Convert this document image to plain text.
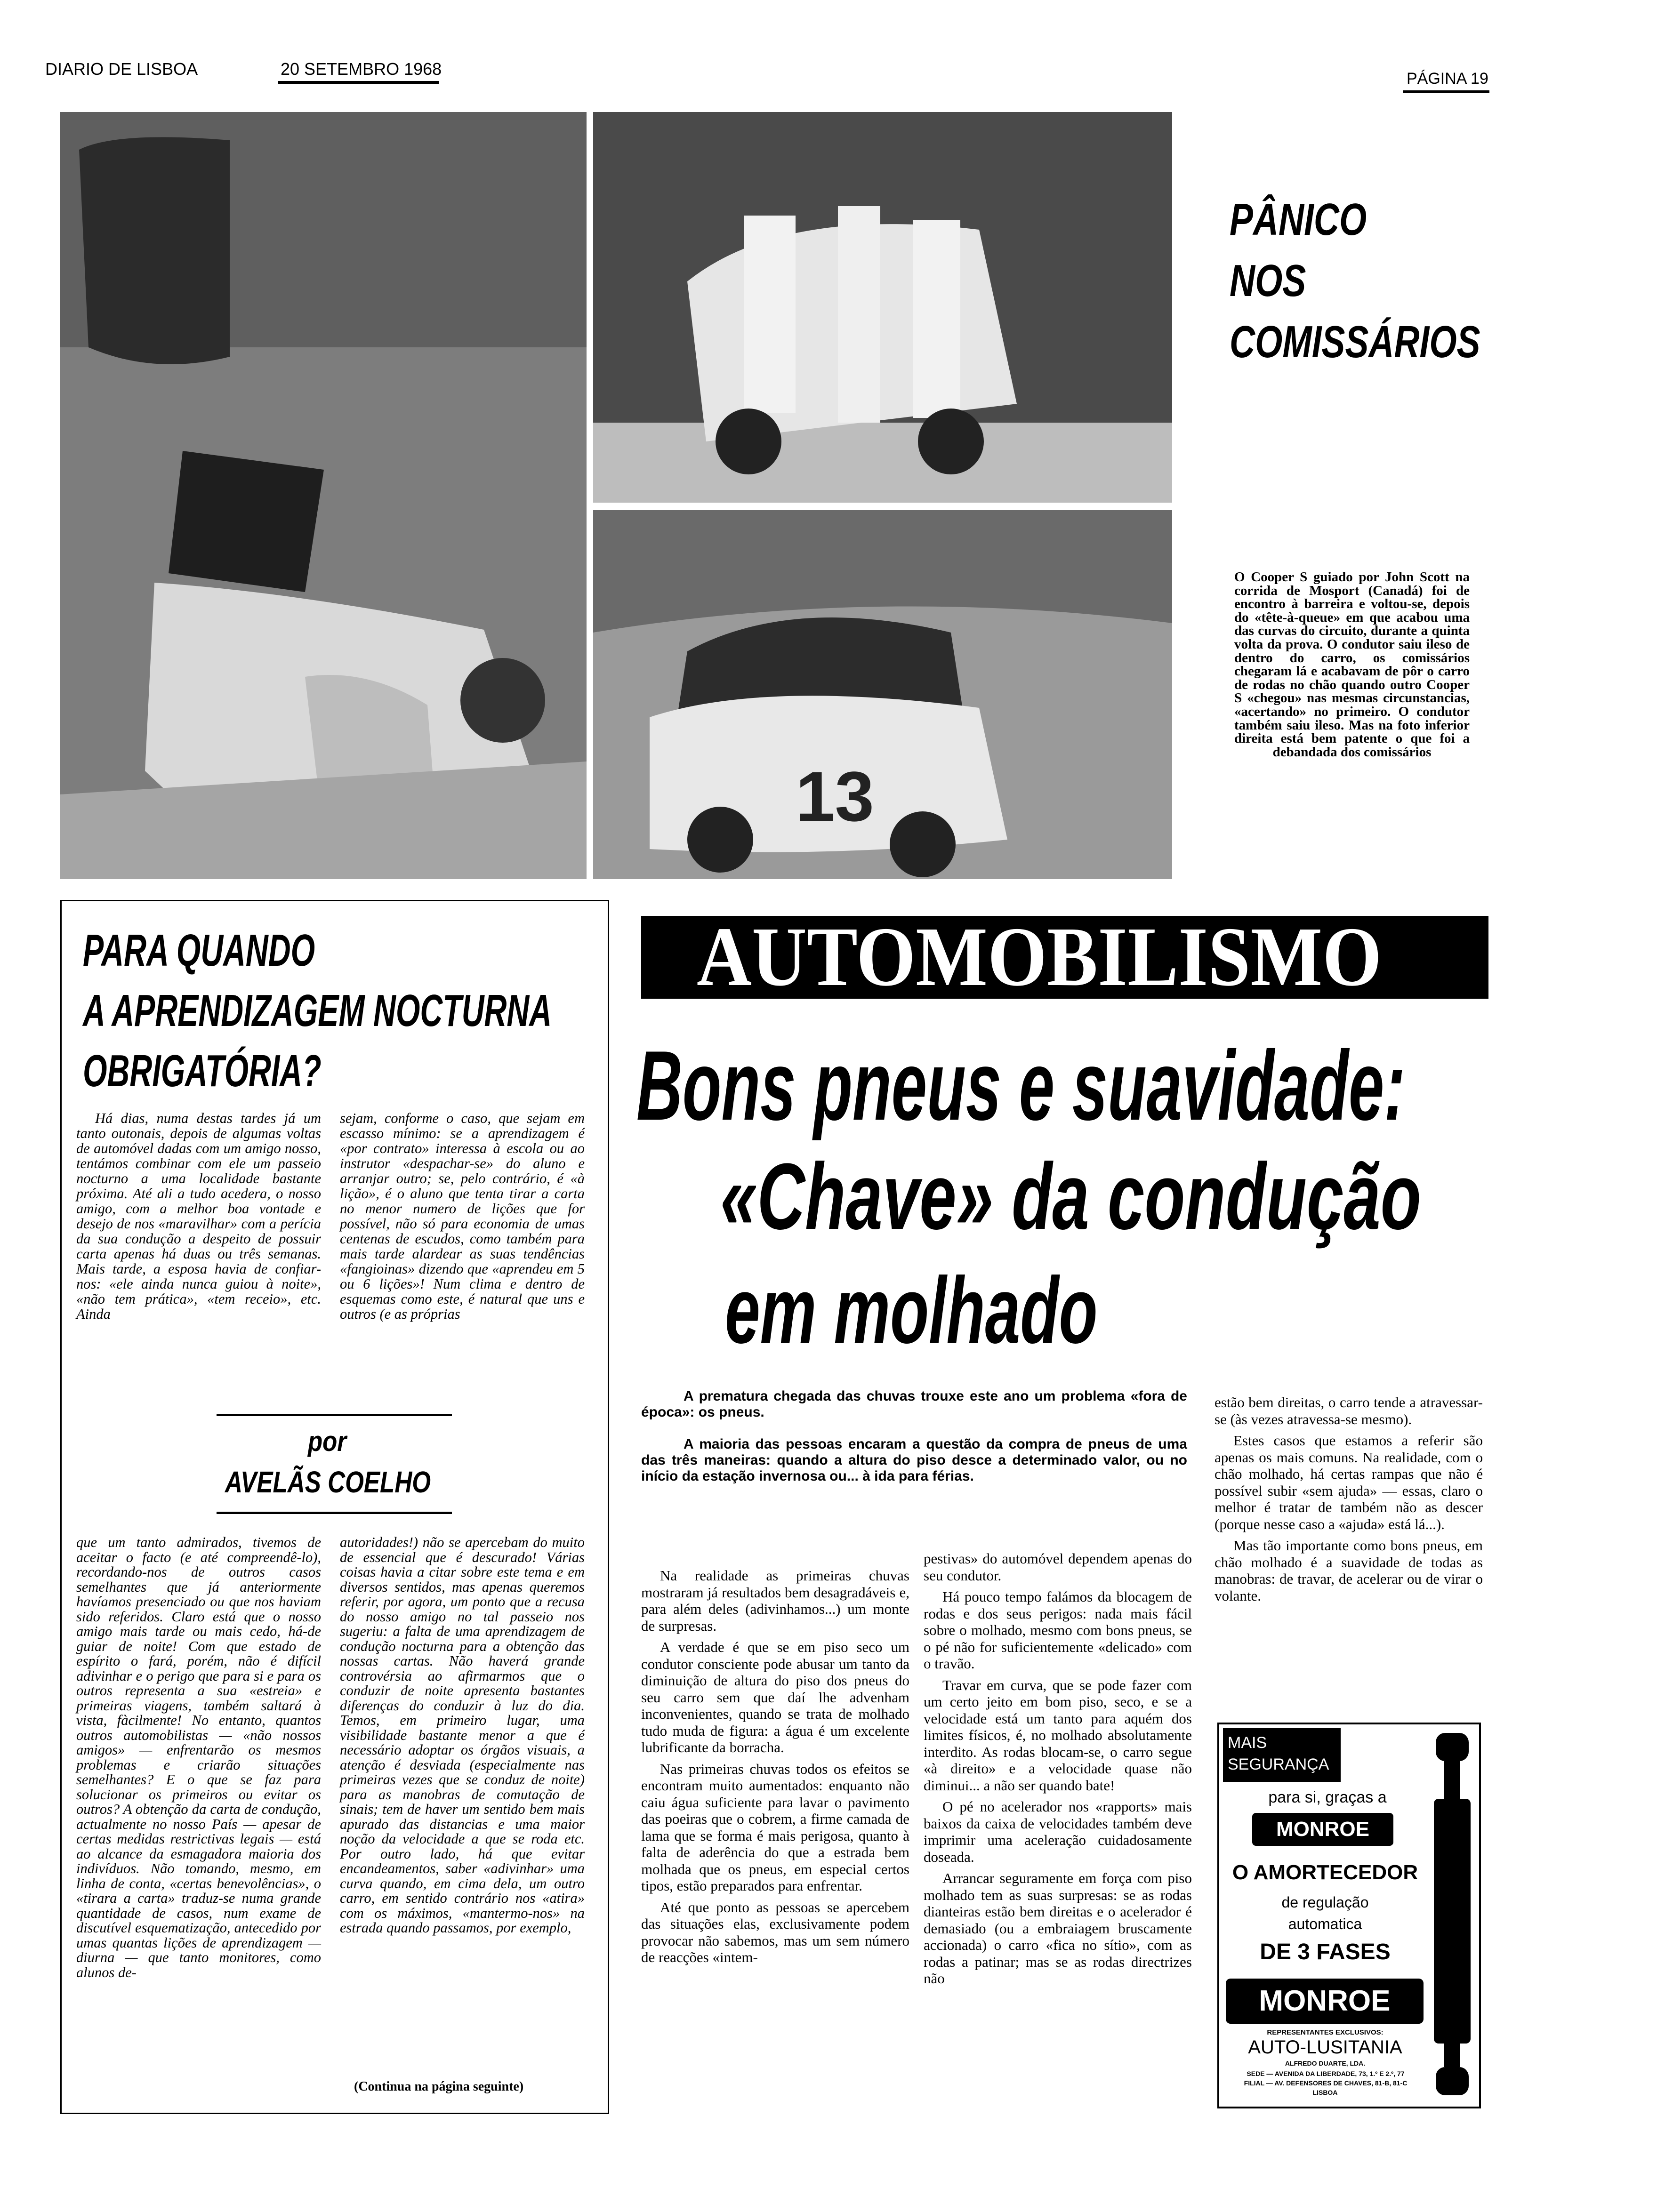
DIARIO DE LISBOA	20 SETEMBRO 1968	PÁGINA 19
13
PÂNICO
NOS
COMISSÁRIOS
O Cooper S guiado por John Scott na corrida de Mosport (Canadá) foi de encontro à barreira e voltou-se, depois do «tête-à-queue» em que acabou uma das curvas do circuito, durante a quinta volta da prova. O condutor saiu ileso de dentro do carro, os comissários chegaram lá e acabavam de pôr o carro de rodas no chão quando outro Cooper S «chegou» nas mesmas circunstancias, «acertando» no primeiro. O condutor também saiu ileso. Mas na foto inferior direita está bem patente o que foi a debandada dos comissários
PARA QUANDO
A APRENDIZAGEM NOCTURNA
OBRIGATÓRIA?
Há dias, numa destas tardes já um tanto outonais, depois de algumas voltas de automóvel dadas com um amigo nosso, tentámos combinar com ele um passeio nocturno a uma localidade bastante próxima. Até ali a tudo acedera, o nosso amigo, com a melhor boa vontade e desejo de nos «maravilhar» com a perícia da sua condução a despeito de possuir carta apenas há duas ou três semanas. Mais tarde, a esposa havia de confiar-nos: «ele ainda nunca guiou à noite», «não tem prática», «tem receio», etc. Ainda
sejam, conforme o caso, que sejam em escasso mínimo: se a aprendizagem é «por contrato» interessa à escola ou ao instrutor «despachar-se» do aluno e arranjar outro; se, pelo contrário, é «à lição», é o aluno que tenta tirar a carta no menor numero de lições que for possível, não só para economia de umas centenas de escudos, como também para mais tarde alardear as suas tendências «fangioinas» dizendo que «aprendeu em 5 ou 6 lições»! Num clima e dentro de esquemas como este, é natural que uns e outros (e as próprias
por
AVELÃS COELHO
que um tanto admirados, tivemos de aceitar o facto (e até compreendê-lo), recordando-nos de outros casos semelhantes que já anteriormente havíamos presenciado ou que nos haviam sido referidos. Claro está que o nosso amigo mais tarde ou mais cedo, há-de guiar de noite! Com que estado de espírito o fará, porém, não é difícil adivinhar e o perigo que para si e para os outros representa a sua «estreia» e primeiras viagens, também saltará à vista, fàcilmente! No entanto, quantos outros automobilistas — «não nossos amigos» — enfrentarão os mesmos problemas e criarão situações semelhantes? E o que se faz para solucionar os primeiros ou evitar os outros? A obtenção da carta de condução, actualmente no nosso País — apesar de certas medidas restrictivas legais — está ao alcance da esmagadora maioria dos indivíduos. Não tomando, mesmo, em linha de conta, «certas benevolências», o «tirara a carta» traduz-se numa grande quantidade de casos, num exame de discutível esquematização, antecedido por umas quantas lições de aprendizagem — diurna — que tanto monitores, como alunos de-
autoridades!) não se apercebam do muito de essencial que é descurado! Várias coisas havia a citar sobre este tema e em diversos sentidos, mas apenas queremos referir, por agora, um ponto que a recusa do nosso amigo no tal passeio nos sugeriu: a falta de uma aprendizagem de condução nocturna para a obtenção das nossas cartas. Não haverá grande controvérsia ao afirmarmos que o conduzir de noite apresenta bastantes diferenças do conduzir à luz do dia. Temos, em primeiro lugar, uma visibilidade bastante menor a que é necessário adoptar os órgãos visuais, a atenção é desviada (especialmente nas primeiras vezes que se conduz de noite) para as manobras de comutação de sinais; tem de haver um sentido bem mais apurado das distancias e uma maior noção da velocidade a que se roda etc. Por outro lado, há que evitar encandeamentos, saber «adivinhar» uma curva quando, em cima dela, um outro carro, em sentido contrário nos «atira» com os máximos, «mantermo-nos» na estrada quando passamos, por exemplo,
(Continua na página seguinte)
AUTOMOBILISMO
Bons pneus e suavidade:
«Chave» da condução
em molhado
A prematura chegada das chuvas trouxe este ano um problema «fora de época»: os pneus.
A maioria das pessoas encaram a questão da compra de pneus de uma das três maneiras: quando a altura do piso desce a determinado valor, ou no início da estação invernosa ou... à ida para férias.

Na realidade as primeiras chuvas mostraram já resultados bem desagradáveis e, para além deles (adivinhamos...) um monte de surpresas.

A verdade é que se em piso seco um condutor consciente pode abusar um tanto da diminuição de altura do piso dos pneus do seu carro sem que daí lhe advenham inconvenientes, quando se trata de molhado tudo muda de figura: a água é um excelente lubrificante da borracha.

Nas primeiras chuvas todos os efeitos se encontram muito aumentados: enquanto não caiu água suficiente para lavar o pavimento das poeiras que o cobrem, a firme camada de lama que se forma é mais perigosa, quanto à falta de aderência do que a estrada bem molhada que os pneus, em especial certos tipos, estão preparados para enfrentar.

Até que ponto as pessoas se apercebem das situações elas, exclusivamente podem provocar não sabemos, mas um sem número de reacções «intem-

pestivas» do automóvel dependem apenas do seu condutor.

Há pouco tempo falámos da blocagem de rodas e dos seus perigos: nada mais fácil sobre o molhado, mesmo com bons pneus, se o pé não for suficientemente «delicado» com o travão.

Travar em curva, que se pode fazer com um certo jeito em bom piso, seco, e se a velocidade está um tanto para aquém dos limites físicos, é, no molhado absolutamente interdito. As rodas blocam-se, o carro segue «à direito» e a velocidade quase não diminui... a não ser quando bate!

O pé no acelerador nos «rapports» mais baixos da caixa de velocidades também deve imprimir uma aceleração cuidadosamente doseada.

Arrancar seguramente em força com piso molhado tem as suas surpresas: se as rodas dianteiras estão bem direitas e o acelerador é demasiado (ou a embraiagem bruscamente accionada) o carro «fica no sítio», com as rodas a patinar; mas se as rodas directrizes não

estão bem direitas, o carro tende a atravessar-se (às vezes atravessa-se mesmo).

Estes casos que estamos a referir são apenas os mais comuns. Na realidade, com o chão molhado, há certas rampas que não é possível subir «sem ajuda» — essas, claro o melhor é tratar de também não as descer (porque nesse caso a «ajuda» está lá...).

Mas tão importante como bons pneus, em chão molhado é a suavidade de todas as manobras: de travar, de acelerar ou de virar o volante.

MAIS
SEGURANÇA
para si, graças a
MONROE
O AMORTECEDOR
de regulação
automatica
DE 3 FASES
MONROE
REPRESENTANTES EXCLUSIVOS:
AUTO-LUSITANIA
ALFREDO DUARTE, LDA.
SEDE — AVENIDA DA LIBERDADE, 73, 1.º E 2.º, 77
FILIAL — AV. DEFENSORES DE CHAVES, 81-B, 81-C
LISBOA
